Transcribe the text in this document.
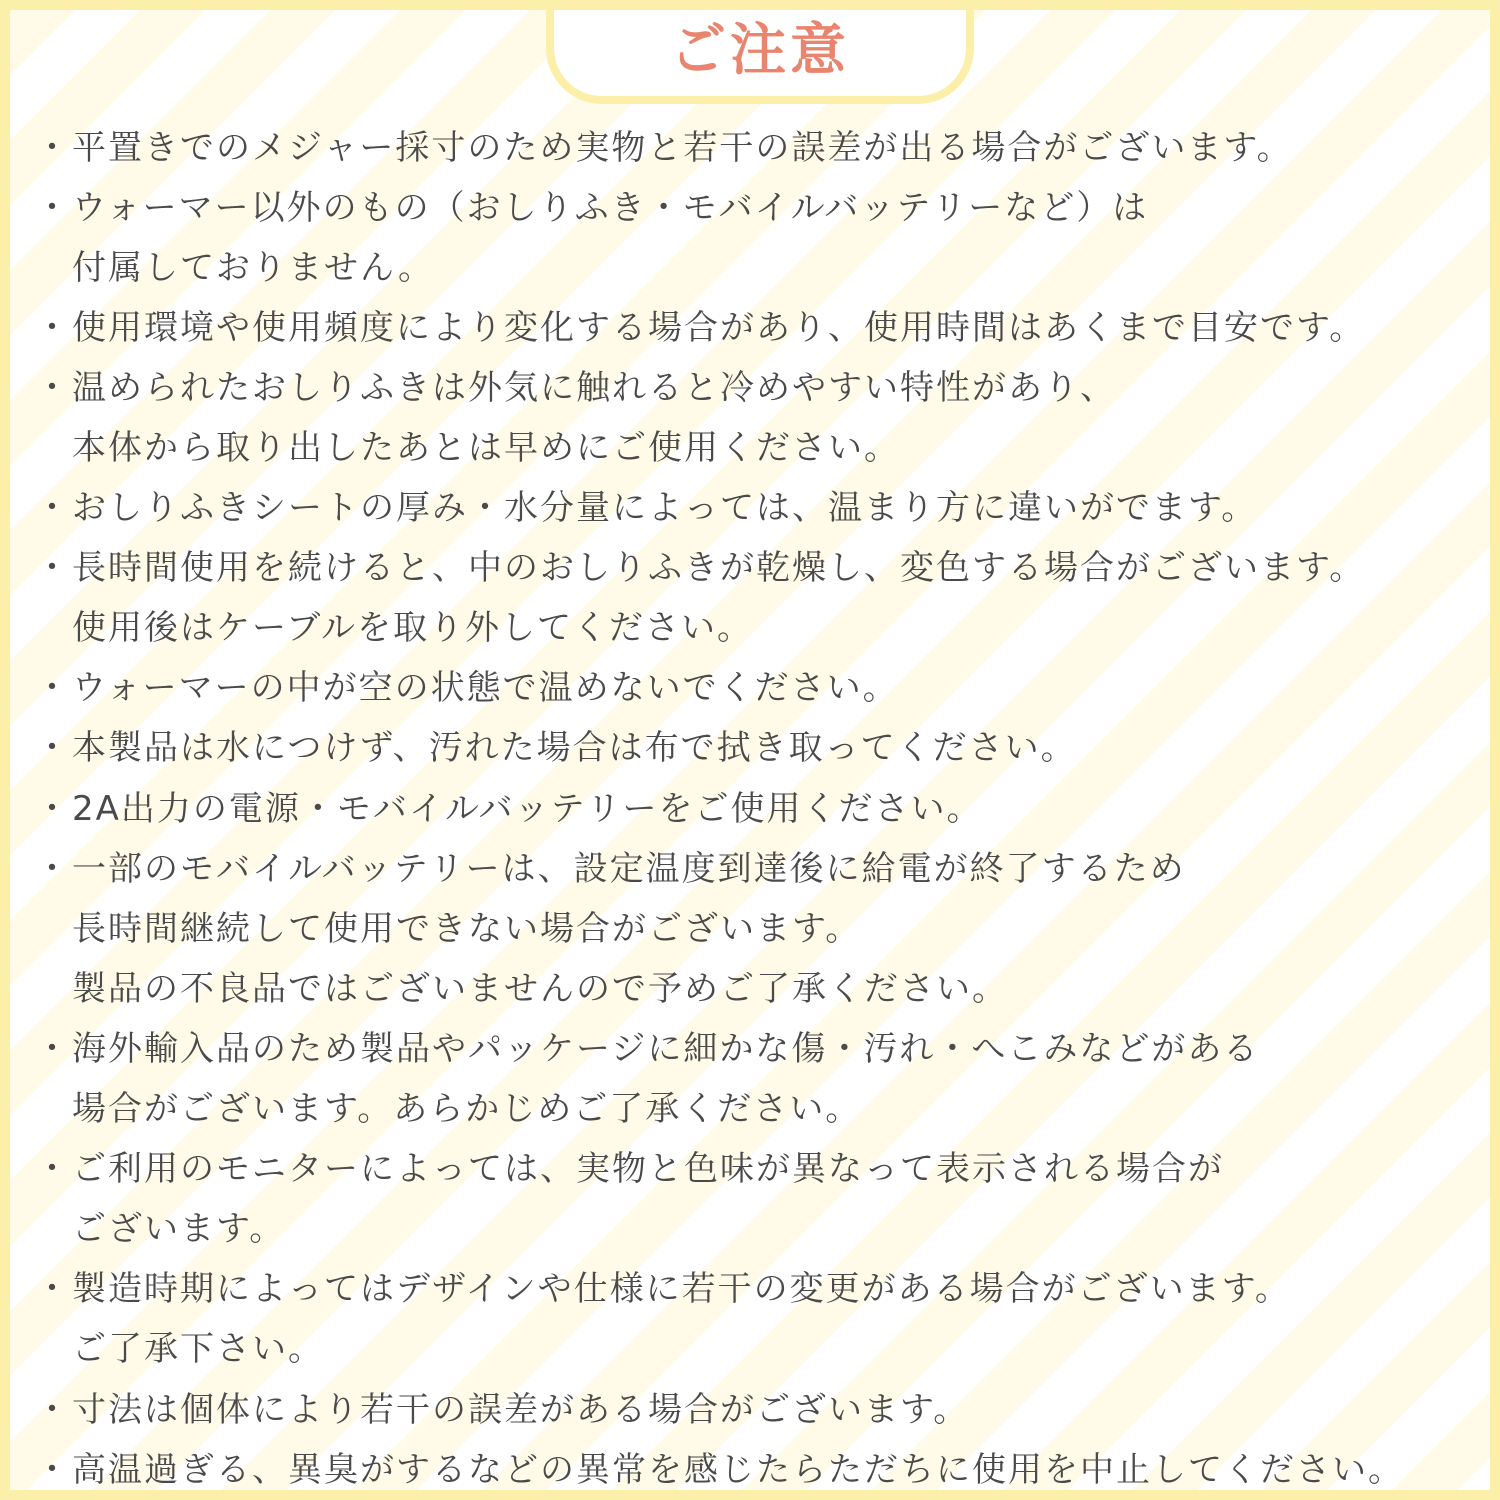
ご注意
・ 平置きでのメジャー採寸のため実物と若干の誤差が出る場合がございます。
・ ウォーマー以外のもの（おしりふき・モバイルバッテリーなど）は
付属しておりません。
・ 使用環境や使用頻度により変化する場合があり、使用時間はあくまで目安です。
・ 温められたおしりふきは外気に触れると冷めやすい特性があり、
本体から取り出したあとは早めにご使用ください。
・ おしりふきシートの厚み・水分量によっては、温まり方に違いがでます。
・ 長時間使用を続けると、中のおしりふきが乾燥し、変色する場合がございます。
使用後はケーブルを取り外してください。
・ ウォーマーの中が空の状態で温めないでください。
・ 本製品は水につけず、汚れた場合は布で拭き取ってください。
・ 2A出力の電源・モバイルバッテリーをご使用ください。
・ 一部のモバイルバッテリーは、設定温度到達後に給電が終了するため
長時間継続して使用できない場合がございます。
製品の不良品ではございませんので予めご了承ください。
・ 海外輸入品のため製品やパッケージに細かな傷・汚れ・へこみなどがある
場合がございます。あらかじめご了承ください。
・ ご利用のモニターによっては、実物と色味が異なって表示される場合が
ございます。
・ 製造時期によってはデザインや仕様に若干の変更がある場合がございます。
ご了承下さい。
・ 寸法は個体により若干の誤差がある場合がございます。
・ 高温過ぎる、異臭がするなどの異常を感じたらただちに使用を中止してください。
